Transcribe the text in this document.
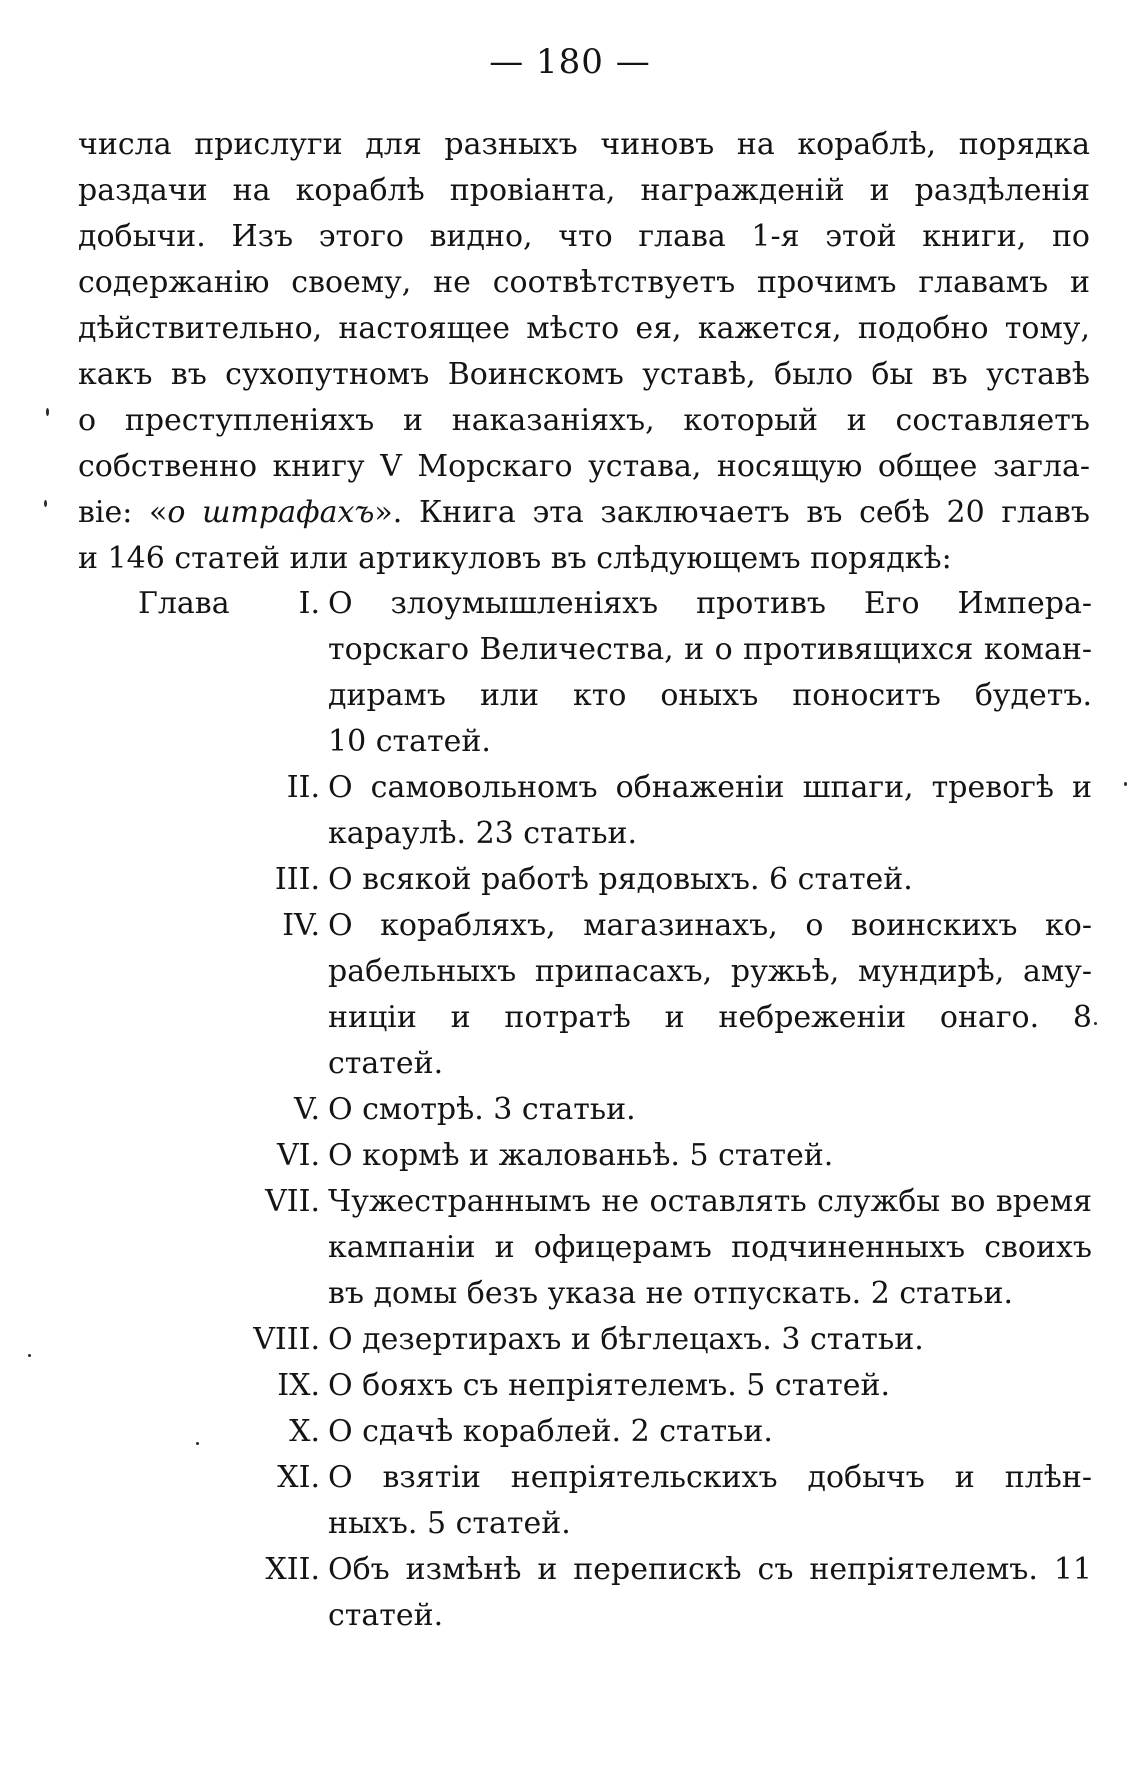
— 180 —
числа прислуги для разныхъ чиновъ на кораблѣ, порядка
раздачи на кораблѣ провіанта, награжденій и раздѣленія
добычи. Изъ этого видно, что глава 1-я этой книги, по
содержанію своему, не соотвѣтствуетъ прочимъ главамъ и
дѣйствительно, настоящее мѣсто ея, кажется, подобно тому,
какъ въ сухопутномъ Воинскомъ уставѣ, было бы въ уставѣ
о преступленіяхъ и наказаніяхъ, который и составляетъ
собственно книгу V Морскаго устава, носящую общее загла-
віе: «о штрафахъ». Книга эта заключаетъ въ себѣ 20 главъ
и 146 статей или артикуловъ въ слѣдующемъ порядкѣ:
Глава I. О злоумышленіяхъ противъ Его Импера-
торскаго Величества, и о противящихся коман-
дирамъ или кто оныхъ поноситъ будетъ.
10 статей.
II. О самовольномъ обнаженіи шпаги, тревогѣ и
караулѣ. 23 статьи.
III. О всякой работѣ рядовыхъ. 6 статей.
IV. О корабляхъ, магазинахъ, о воинскихъ ко-
рабельныхъ припасахъ, ружьѣ, мундирѣ, аму-
ниціи и потратѣ и небреженіи онаго. 8
статей.
V. О смотрѣ. 3 статьи.
VI. О кормѣ и жалованьѣ. 5 статей.
VII. Чужестраннымъ не оставлять службы во время
кампаніи и офицерамъ подчиненныхъ своихъ
въ домы безъ указа не отпускать. 2 статьи.
VIII. О дезертирахъ и бѣглецахъ. 3 статьи.
IX. О бояхъ съ непріятелемъ. 5 статей.
X. О сдачѣ кораблей. 2 статьи.
XI. О взятіи непріятельскихъ добычъ и плѣн-
ныхъ. 5 статей.
XII. Объ измѣнѣ и перепискѣ съ непріятелемъ. 11
статей.
